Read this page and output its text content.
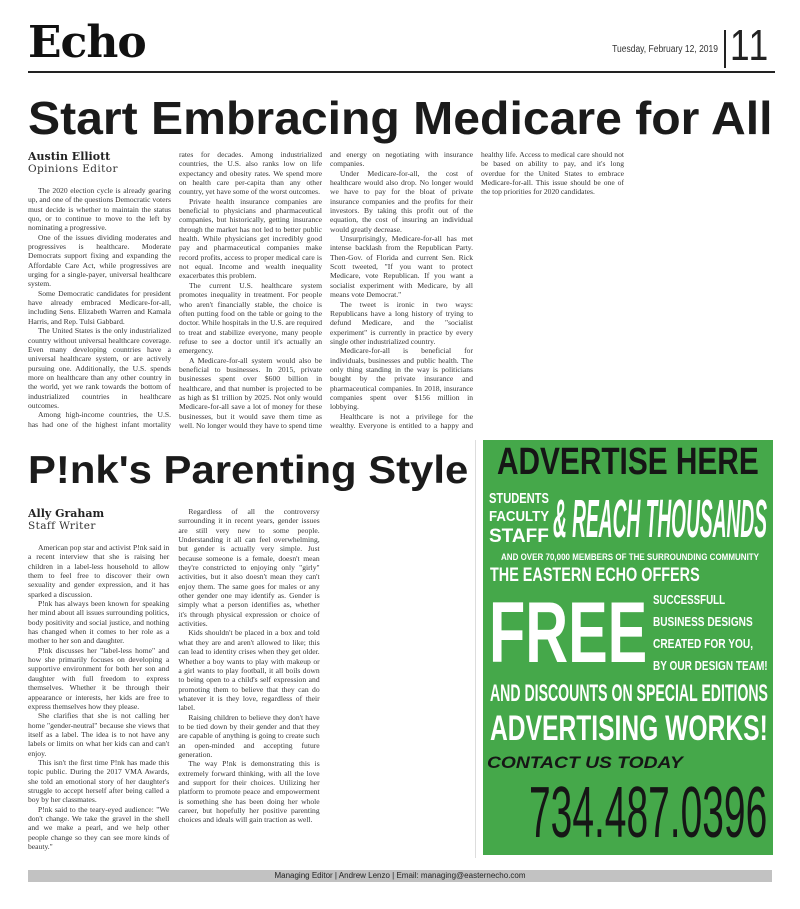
Echo	Tuesday, February 12, 2019 11
Start Embracing Medicare for All

Austin Elliott
Opinions Editor

The 2020 election cycle is already gearing up, and one of the questions Democratic voters must decide is whether to maintain the status quo, or to continue to move to the left by nominating a progressive.

One of the issues dividing moderates and progressives is healthcare. Moderate Democrats support fixing and expanding the Affordable Care Act, while progressives are urging for a single-payer, universal healthcare system.

Some Democratic candidates for president have already embraced Medicare-for-all, including Sens. Elizabeth Warren and Kamala Harris, and Rep. Tulsi Gabbard.

The United States is the only industrialized country without universal healthcare coverage. Even many developing countries have a universal healthcare system, or are actively pursuing one. Additionally, the U.S. spends more on healthcare than any other country in the world, yet we rank towards the bottom of industrialized countries in healthcare outcomes.

Among high-income countries, the U.S. has had one of the highest infant mortality rates for decades. Among industrialized countries, the U.S. also ranks low on life expectancy and obesity rates. We spend more on health care per-capita than any other country, yet have some of the worst outcomes.

Private health insurance companies are beneficial to physicians and pharmaceutical companies, but historically, getting insurance through the market has not led to better public health. While physicians get incredibly good pay and pharmaceutical companies make record profits, access to proper medical care is not equal. Income and wealth inequality exacerbates this problem.

The current U.S. healthcare system promotes inequality in treatment. For people who aren't financially stable, the choice is often putting food on the table or going to the doctor. While hospitals in the U.S. are required to treat and stabilize everyone, many people refuse to see a doctor until it's actually an emergency.

A Medicare-for-all system would also be beneficial to businesses. In 2015, private businesses spent over $600 billion in healthcare, and that number is projected to be as high as $1 trillion by 2025. Not only would Medicare-for-all save a lot of money for these businesses, but it would save them time as well. No longer would they have to spend time and energy on negotiating with insurance companies.

Under Medicare-for-all, the cost of healthcare would also drop. No longer would we have to pay for the bloat of private insurance companies and the profits for their investors. By taking this profit out of the equation, the cost of insuring an individual would greatly decrease.

Unsurprisingly, Medicare-for-all has met intense backlash from the Republican Party. Then-Gov. of Florida and current Sen. Rick Scott tweeted, "If you want to protect Medicare, vote Republican. If you want a socialist experiment with Medicare, by all means vote Democrat."

The tweet is ironic in two ways: Republicans have a long history of trying to defund Medicare, and the "socialist experiment" is currently in practice by every single other industrialized country.

Medicare-for-all is beneficial for individuals, businesses and public health. The only thing standing in the way is politicians bought by the private insurance and pharmaceutical companies. In 2018, insurance companies spent over $156 million in lobbying.

Healthcare is not a privilege for the wealthy. Everyone is entitled to a happy and healthy life. Access to medical care should not be based on ability to pay, and it's long overdue for the United States to embrace Medicare-for-all. This issue should be one of the top priorities for 2020 candidates.

P!nk's Parenting Style

Ally Graham
Staff Writer

American pop star and activist P!nk said in a recent interview that she is raising her children in a label-less household to allow them to feel free to discover their own sexuality and gender expression, and it has sparked a discussion.

P!nk has always been known for speaking her mind about all issues surrounding politics, body positivity and social justice, and nothing has changed when it comes to her role as a mother to her son and daughter.

P!nk discusses her "label-less home" and how she primarily focuses on developing a supportive environment for both her son and daughter with full freedom to express themselves. Whether it be through their appearance or interests, her kids are free to express themselves how they please.

She clarifies that she is not calling her home "gender-neutral" because she views that itself as a label. The idea is to not have any labels or limits on what her kids can and can't enjoy.

This isn't the first time P!nk has made this topic public. During the 2017 VMA Awards, she told an emotional story of her daughter's struggle to accept herself after being called a boy by her classmates.

P!nk said to the teary-eyed audience: "We don't change. We take the gravel in the shell and we make a pearl, and we help other people change so they can see more kinds of beauty."

Regardless of all the controversy surrounding it in recent years, gender issues are still very new to some people. Understanding it all can feel overwhelming, but gender is actually very simple. Just because someone is a female, doesn't mean they're constricted to enjoying only "girly" activities, but it also doesn't mean they can't enjoy them. The same goes for males or any other gender one may identify as. Gender is simply what a person identifies as, whether it's through physical expression or choice of activities.

Kids shouldn't be placed in a box and told what they are and aren't allowed to like; this can lead to identity crises when they get older. Whether a boy wants to play with makeup or a girl wants to play football, it all boils down to being open to a child's self expression and promoting them to believe that they can do whatever it is they love, regardless of their label.

Raising children to believe they don't have to be tied down by their gender and that they are capable of anything is going to create such an open-minded and accepting future generation.

The way P!nk is demonstrating this is extremely forward thinking, with all the love and support for their choices. Utilizing her platform to promote peace and empowerment is something she has been doing her whole career, but hopefully her positive parenting choices and ideals will gain traction as well.

ADVERTISE HERE
STUDENTS
FACULTY
STAFF & REACH THOUSANDS
AND OVER 70,000 MEMBERS OF THE SURROUNDING COMMUNITY
THE EASTERN ECHO OFFERS
FREE SUCCESSFULL
BUSINESS DESIGNS
CREATED FOR YOU,
BY OUR DESIGN TEAM!
AND DISCOUNTS ON SPECIAL EDITIONS
ADVERTISING WORKS!
CONTACT US TODAY
734.487.0396
Managing Editor | Andrew Lenzo | Email: managing@easternecho.com
